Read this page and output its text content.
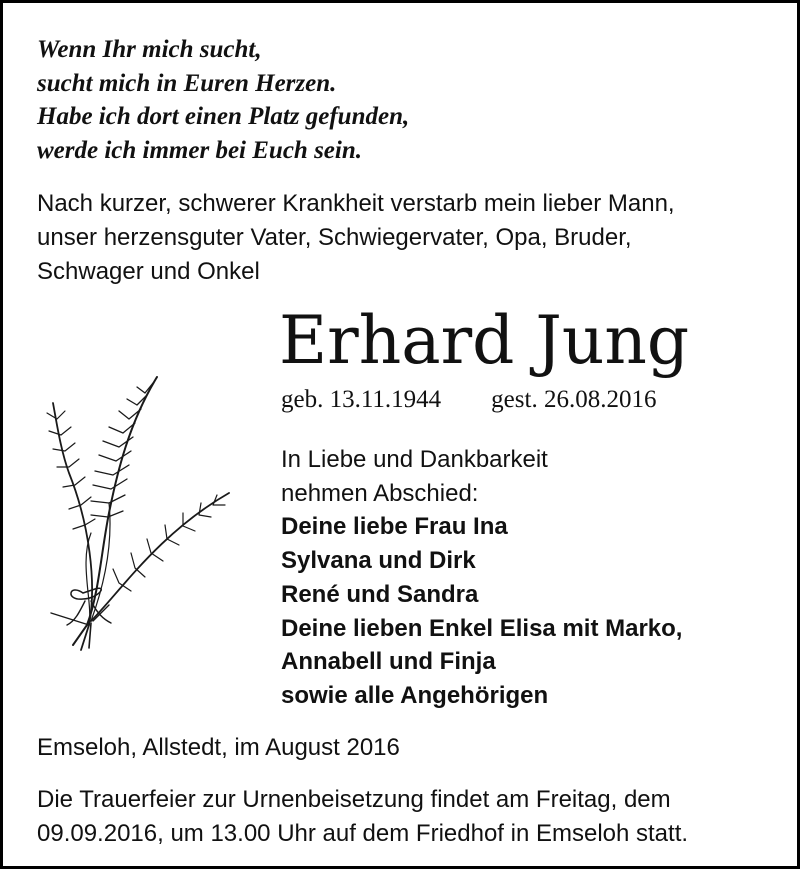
Wenn Ihr mich sucht,
sucht mich in Euren Herzen.
Habe ich dort einen Platz gefunden,
werde ich immer bei Euch sein.
Nach kurzer, schwerer Krankheit verstarb mein lieber Mann,
unser herzensguter Vater, Schwiegervater, Opa, Bruder,
Schwager und Onkel
Erhard Jung
geb. 13.11.1944 gest. 26.08.2016
In Liebe und Dankbarkeit
nehmen Abschied:
Deine liebe Frau Ina
Sylvana und Dirk
René und Sandra
Deine lieben Enkel Elisa mit Marko,
Annabell und Finja
sowie alle Angehörigen
Emseloh, Allstedt, im August 2016
Die Trauerfeier zur Urnenbeisetzung findet am Freitag, dem
09.09.2016, um 13.00 Uhr auf dem Friedhof in Emseloh statt.
